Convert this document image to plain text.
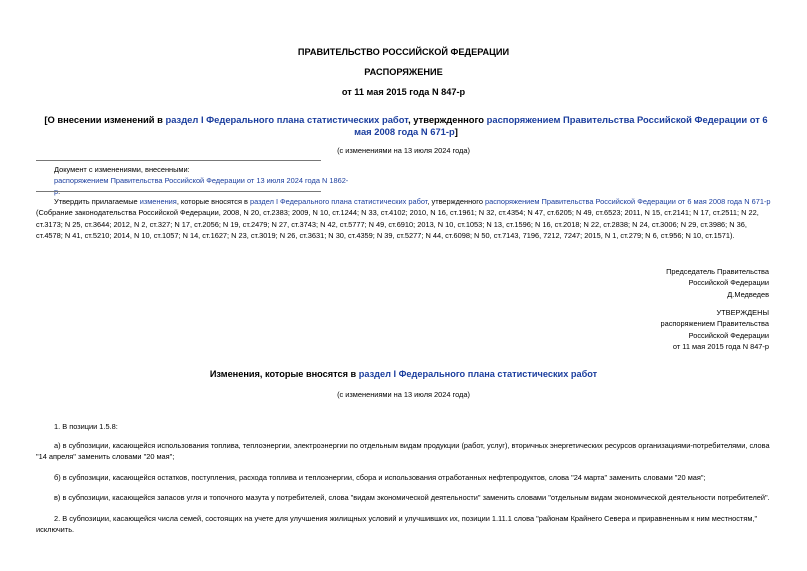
ПРАВИТЕЛЬСТВО РОССИЙСКОЙ ФЕДЕРАЦИИ
РАСПОРЯЖЕНИЕ
от 11 мая 2015 года N 847-р
[О внесении изменений в раздел I Федерального плана статистических работ, утвержденного распоряжением Правительства Российской Федерации от 6 мая 2008 года N 671-р]
(с изменениями на 13 июля 2024 года)
Документ с изменениями, внесенными:
распоряжением Правительства Российской Федерации от 13 июля 2024 года N 1862-р.
Утвердить прилагаемые изменения, которые вносятся в раздел I Федерального плана статистических работ, утвержденного распоряжением Правительства Российской Федерации от 6 мая 2008 года N 671-р (Собрание законодательства Российской Федерации, 2008, N 20, ст.2383; 2009, N 10, ст.1244; N 33, ст.4102; 2010, N 16, ст.1961; N 32, ст.4354; N 47, ст.6205; N 49, ст.6523; 2011, N 15, ст.2141; N 17, ст.2511; N 22, ст.3173; N 25, ст.3644; 2012, N 2, ст.327; N 17, ст.2056; N 19, ст.2479; N 27, ст.3743; N 42, ст.5777; N 49, ст.6910; 2013, N 10, ст.1053; N 13, ст.1596; N 16, ст.2018; N 22, ст.2838; N 24, ст.3006; N 29, ст.3986; N 36, ст.4578; N 41, ст.5210; 2014, N 10, ст.1057; N 14, ст.1627; N 23, ст.3019; N 26, ст.3631; N 30, ст.4359; N 39, ст.5277; N 44, ст.6098; N 50, ст.7143, 7196, 7212, 7247; 2015, N 1, ст.279; N 6, ст.956; N 10, ст.1571).
Председатель Правительства
Российской Федерации
Д.Медведев
УТВЕРЖДЕНЫ
распоряжением Правительства
Российской Федерации
от 11 мая 2015 года N 847-р
Изменения, которые вносятся в раздел I Федерального плана статистических работ
(с изменениями на 13 июля 2024 года)
1. В позиции 1.5.8:
а) в субпозиции, касающейся использования топлива, теплоэнергии, электроэнергии по отдельным видам продукции (работ, услуг), вторичных энергетических ресурсов организациями-потребителями, слова "14 апреля" заменить словами "20 мая";
б) в субпозиции, касающейся остатков, поступления, расхода топлива и теплоэнергии, сбора и использования отработанных нефтепродуктов, слова "24 марта" заменить словами "20 мая";
в) в субпозиции, касающейся запасов угля и топочного мазута у потребителей, слова "видам экономической деятельности" заменить словами "отдельным видам экономической деятельности потребителей".
2. В субпозиции, касающейся числа семей, состоящих на учете для улучшения жилищных условий и улучшивших их, позиции 1.11.1 слова "районам Крайнего Севера и приравненным к ним местностям," исключить.
